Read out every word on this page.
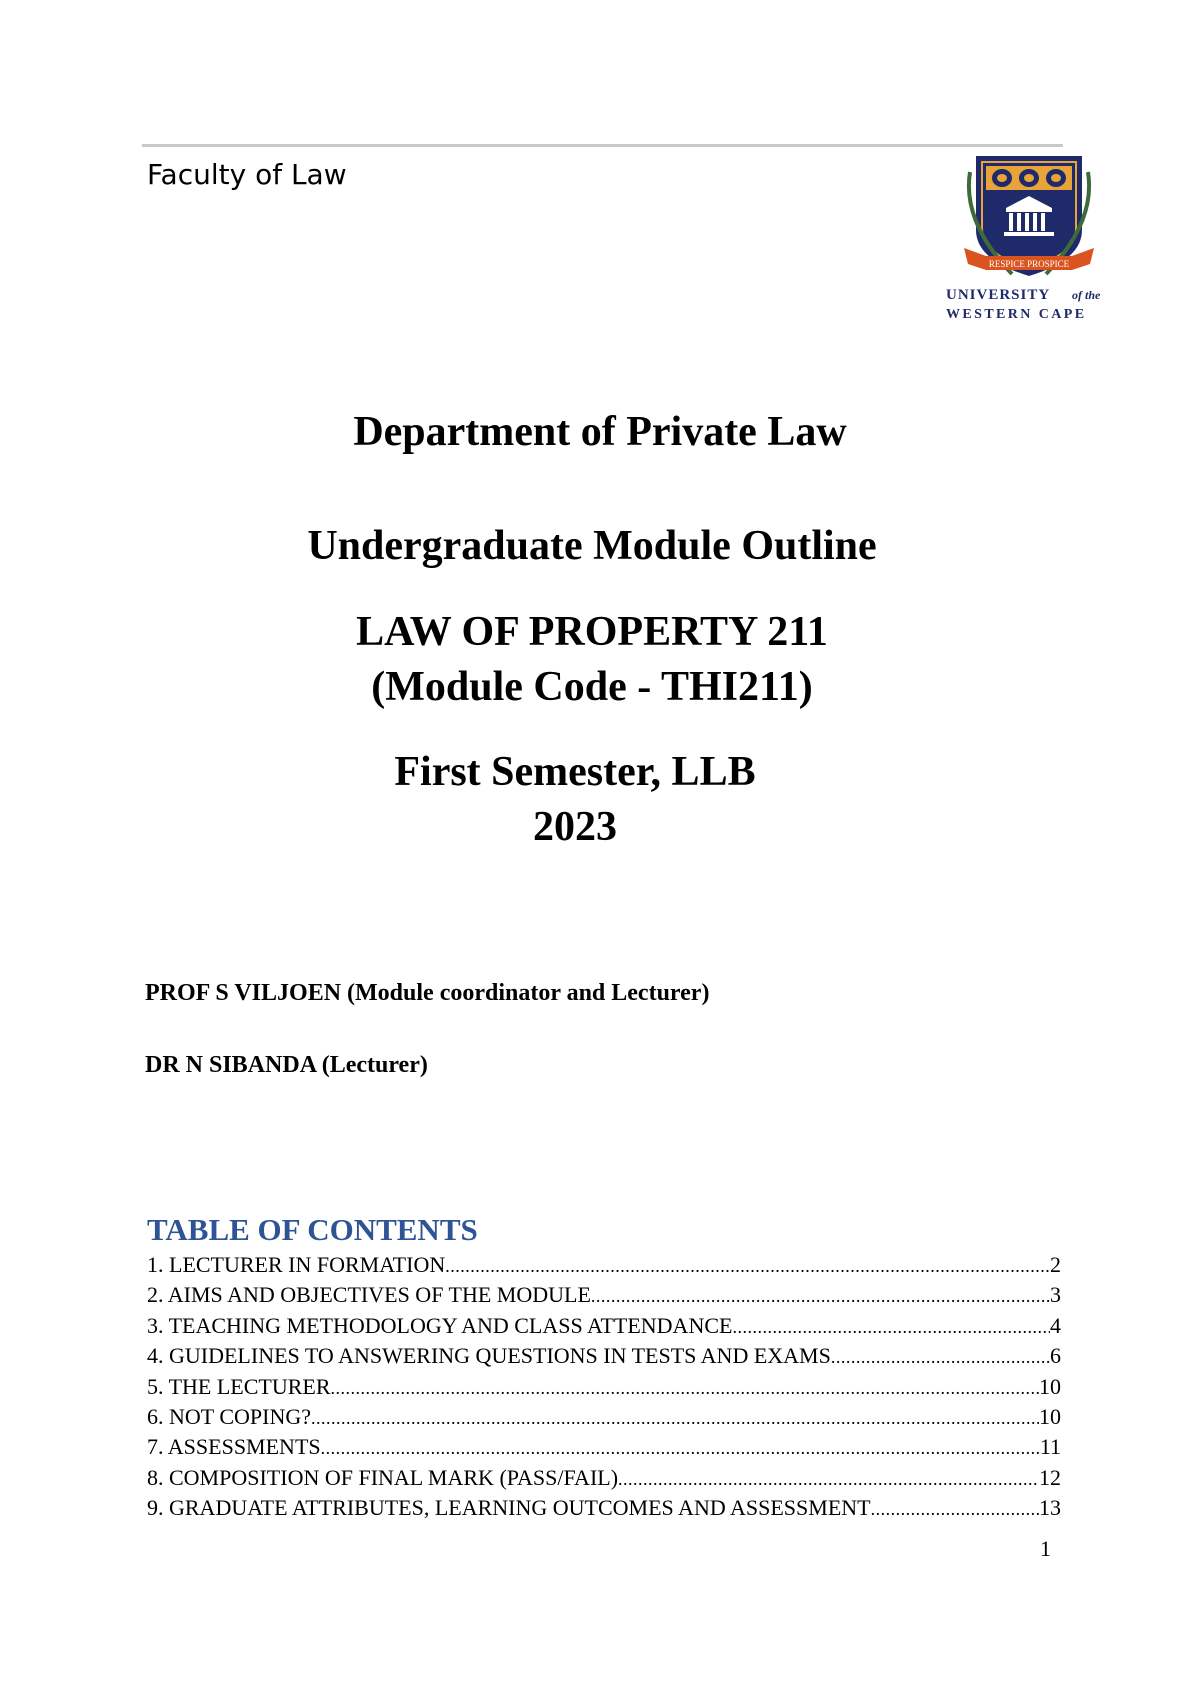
Faculty of Law
RESPICE PROSPICE
UNIVERSITY of the
WESTERN CAPE
Department of Private Law
Undergraduate Module Outline
LAW OF PROPERTY 211
(Module Code - THI211)
First Semester, LLB
2023
PROF S VILJOEN (Module coordinator and Lecturer)
DR N SIBANDA (Lecturer)
TABLE OF CONTENTS
1. LECTURER IN FORMATION .....	2
2. AIMS AND OBJECTIVES OF THE MODULE .....	3
3. TEACHING METHODOLOGY AND CLASS ATTENDANCE .....	4
4. GUIDELINES TO ANSWERING QUESTIONS IN TESTS AND EXAMS .....	6
5. THE LECTURER .....	10
6. NOT COPING? .....	10
7. ASSESSMENTS .....	11
8. COMPOSITION OF FINAL MARK (PASS/FAIL) .....	12
9. GRADUATE ATTRIBUTES, LEARNING OUTCOMES AND ASSESSMENT .....	13
1
